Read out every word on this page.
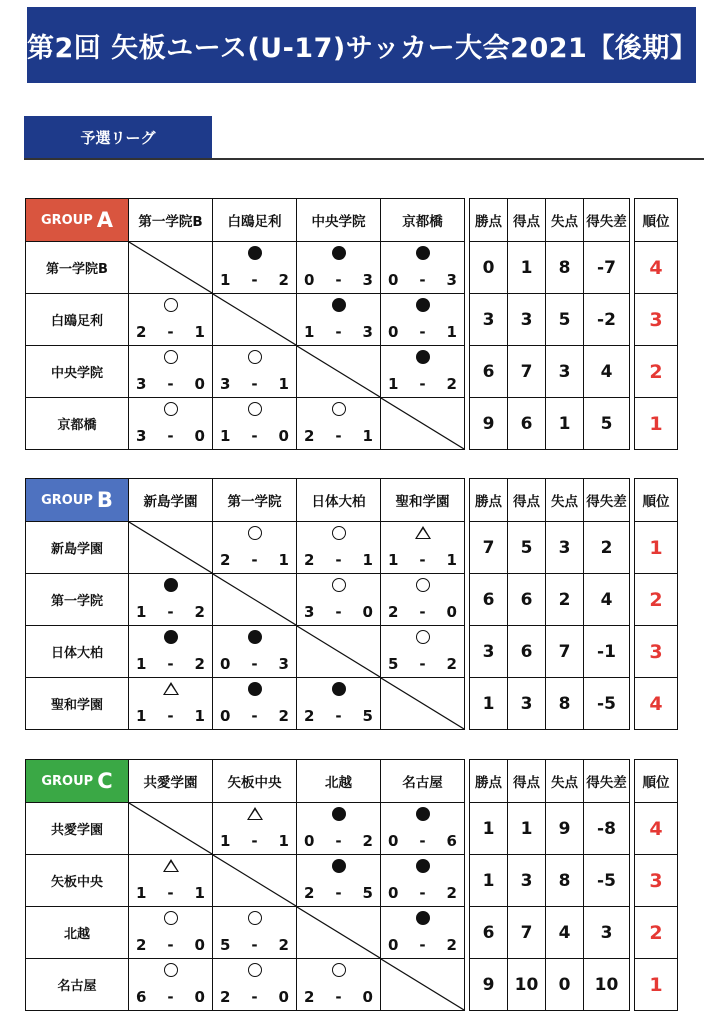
第2回 矢板ユース(U-17)サッカー大会2021【後期】
予選リーグ
GROUP A	第一学院B	白鴎足利	中央学院	京都橋		勝点	得点	失点	得失差		順位
第一学院B		1 - 2	0 - 3	0 - 3		0	1	8	-7		4
白鴎足利	2 - 1		1 - 3	0 - 1		3	3	5	-2		3
中央学院	3 - 0	3 - 1		1 - 2		6	7	3	4		2
京都橋	3 - 0	1 - 0	2 - 1			9	6	1	5		1
GROUP B	新島学園	第一学院	日体大柏	聖和学園		勝点	得点	失点	得失差		順位
新島学園		2 - 1	2 - 1	1 - 1		7	5	3	2		1
第一学院	1 - 2		3 - 0	2 - 0		6	6	2	4		2
日体大柏	1 - 2	0 - 3		5 - 2		3	6	7	-1		3
聖和学園	1 - 1	0 - 2	2 - 5			1	3	8	-5		4
GROUP C	共愛学園	矢板中央	北越	名古屋		勝点	得点	失点	得失差		順位
共愛学園		1 - 1	0 - 2	0 - 6		1	1	9	-8		4
矢板中央	1 - 1		2 - 5	0 - 2		1	3	8	-5		3
北越	2 - 0	5 - 2		0 - 2		6	7	4	3		2
名古屋	6 - 0	2 - 0	2 - 0			9	10	0	10		1
